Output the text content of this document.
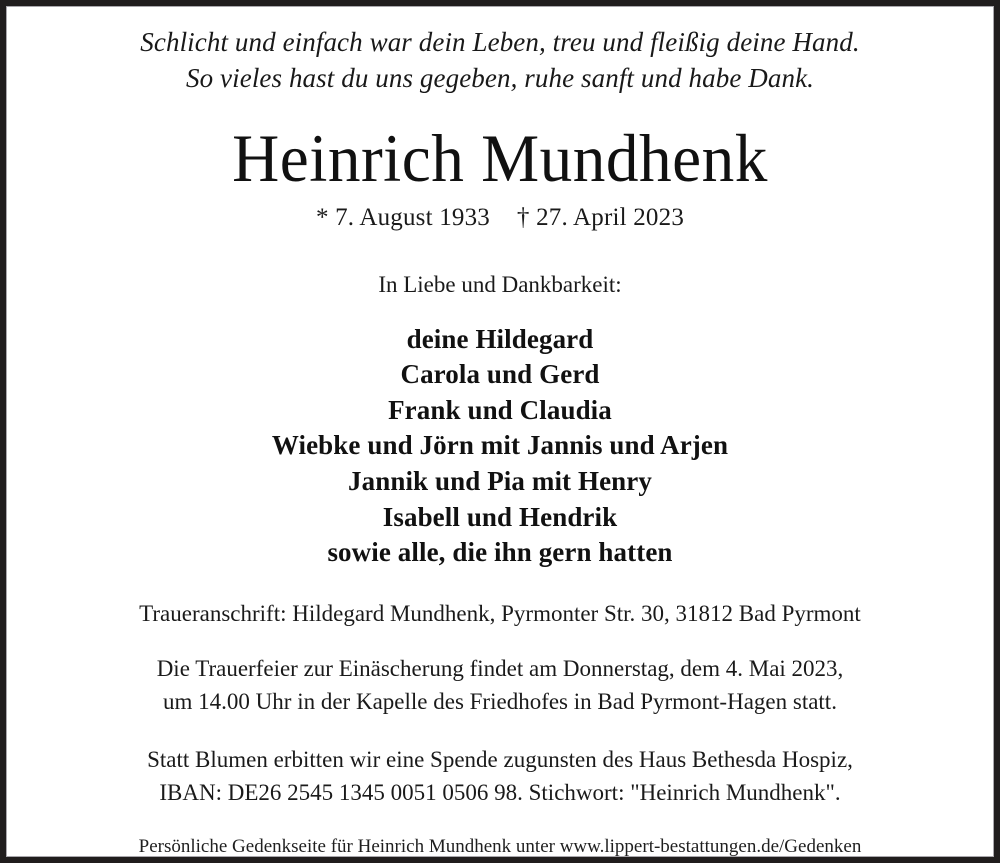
Schlicht und einfach war dein Leben, treu und fleißig deine Hand.
So vieles hast du uns gegeben, ruhe sanft und habe Dank.
Heinrich Mundhenk
* 7. August 1933 † 27. April 2023
In Liebe und Dankbarkeit:
deine Hildegard
Carola und Gerd
Frank und Claudia
Wiebke und Jörn mit Jannis und Arjen
Jannik und Pia mit Henry
Isabell und Hendrik
sowie alle, die ihn gern hatten
Traueranschrift: Hildegard Mundhenk, Pyrmonter Str. 30, 31812 Bad Pyrmont
Die Trauerfeier zur Einäscherung findet am Donnerstag, dem 4. Mai 2023,
um 14.00 Uhr in der Kapelle des Friedhofes in Bad Pyrmont-Hagen statt.
Statt Blumen erbitten wir eine Spende zugunsten des Haus Bethesda Hospiz,
IBAN: DE26 2545 1345 0051 0506 98. Stichwort: "Heinrich Mundhenk".
Persönliche Gedenkseite für Heinrich Mundhenk unter www.lippert-bestattungen.de/Gedenken
